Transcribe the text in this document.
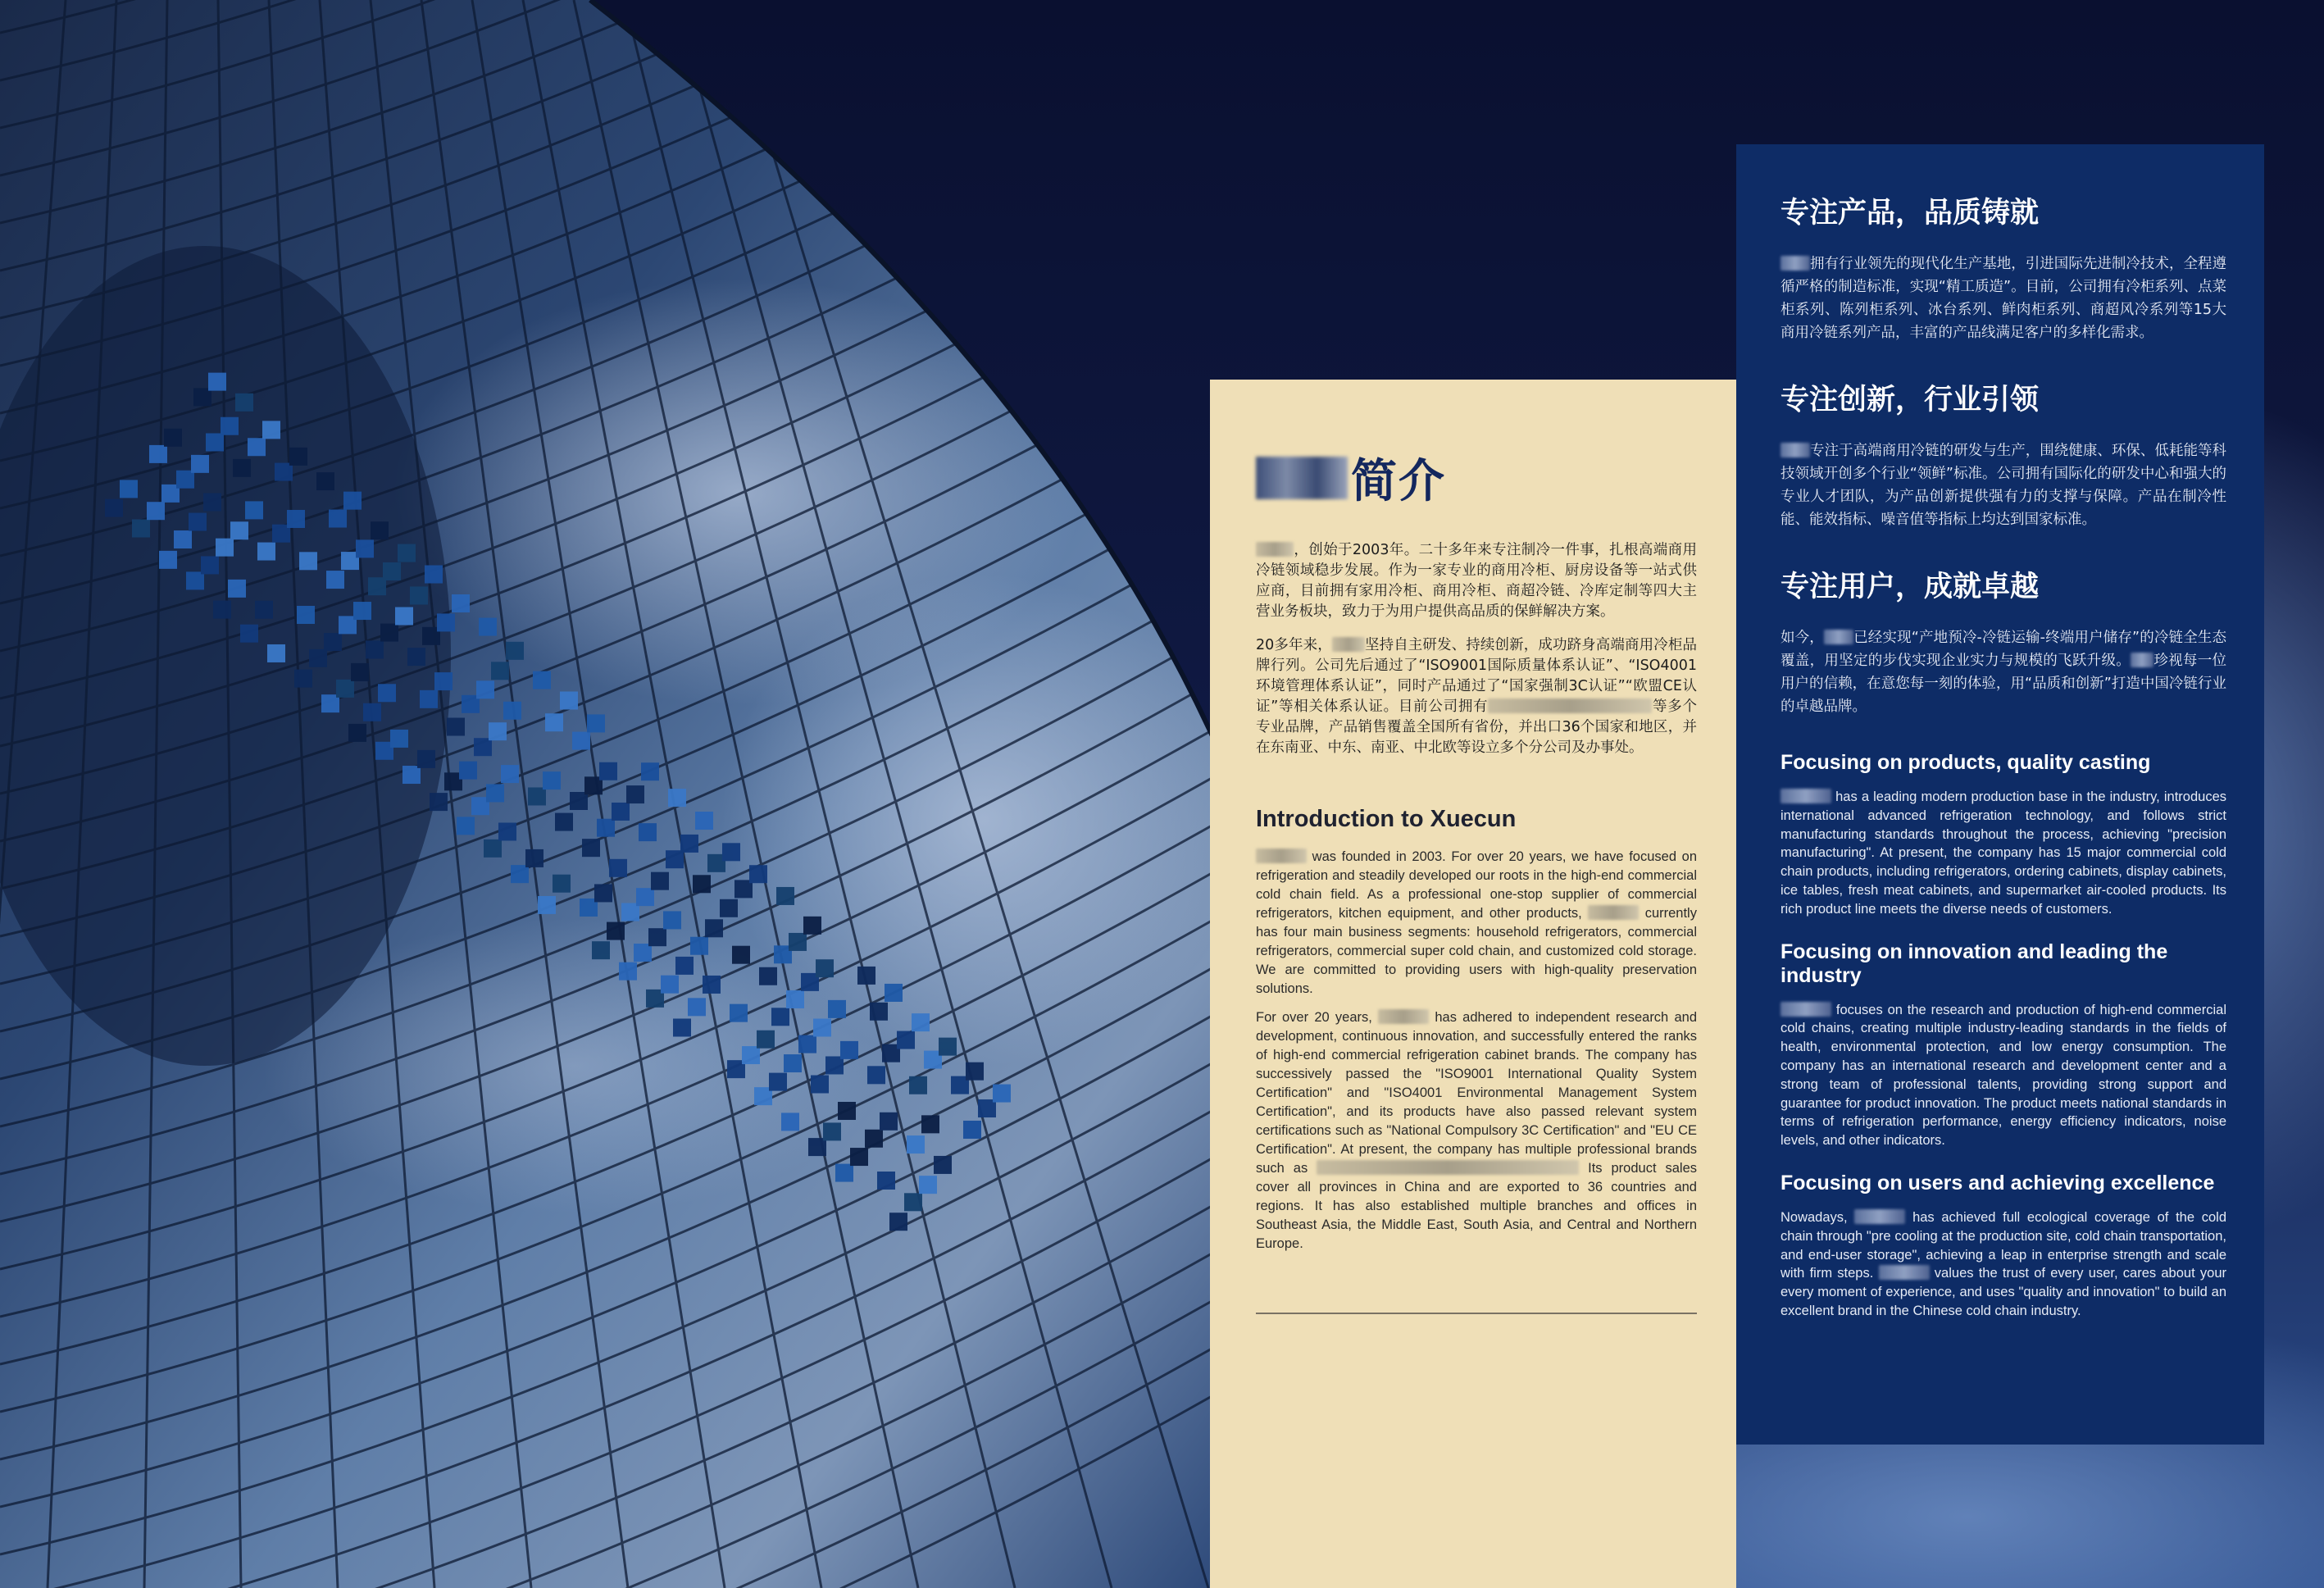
简介

，创始于2003年。二十多年来专注制冷一件事，扎根高端商用冷链领域稳步发展。作为一家专业的商用冷柜、厨房设备等一站式供应商，目前拥有家用冷柜、商用冷柜、商超冷链、冷库定制等四大主营业务板块，致力于为用户提供高品质的保鲜解决方案。

20多年来， 坚持自主研发、持续创新，成功跻身高端商用冷柜品牌行列。公司先后通过了“ISO9001国际质量体系认证”、“ISO4001环境管理体系认证”，同时产品通过了“国家强制3C认证”“欧盟CE认证”等相关体系认证。目前公司拥有	等多个专业品牌，产品销售覆盖全国所有省份，并出口36个国家和地区，并在东南亚、中东、南亚、中北欧等设立多个分公司及办事处。

Introduction to Xuecun

was founded in 2003. For over 20 years, we have focused on refrigeration and steadily developed our roots in the high-end commercial cold chain field. As a professional one-stop supplier of commercial refrigerators, kitchen equipment, and other products,	currently has four main business segments: household refrigerators, commercial refrigerators, commercial super cold chain, and customized cold storage. We are committed to providing users with high-quality preservation solutions.

For over 20 years,	has adhered to independent research and development, continuous innovation, and successfully entered the ranks of high-end commercial refrigeration cabinet brands. The company has successively passed the "ISO9001 International Quality System Certification" and "ISO4001 Environmental Management System Certification", and its products have also passed relevant system certifications such as "National Compulsory 3C Certification" and "EU CE Certification". At present, the company has multiple professional brands such as	Its product sales cover all provinces in China and are exported to 36 countries and regions. It has also established multiple branches and offices in Southeast Asia, the Middle East, South Asia, and Central and Northern Europe.

专注产品，品质铸就

拥有行业领先的现代化生产基地，引进国际先进制冷技术，全程遵循严格的制造标准，实现“精工质造”。目前，公司拥有冷柜系列、点菜柜系列、陈列柜系列、冰台系列、鲜肉柜系列、商超风冷系列等15大商用冷链系列产品，丰富的产品线满足客户的多样化需求。

专注创新，行业引领

专注于高端商用冷链的研发与生产，围绕健康、环保、低耗能等科技领域开创多个行业“领鲜”标准。公司拥有国际化的研发中心和强大的专业人才团队，为产品创新提供强有力的支撑与保障。产品在制冷性能、能效指标、噪音值等指标上均达到国家标准。

专注用户，成就卓越

如今， 已经实现“产地预冷-冷链运输-终端用户储存”的冷链全生态覆盖，用坚定的步伐实现企业实力与规模的飞跃升级。 珍视每一位用户的信赖，在意您每一刻的体验，用“品质和创新”打造中国冷链行业的卓越品牌。

Focusing on products, quality casting

has a leading modern production base in the industry, introduces international advanced refrigeration technology, and follows strict manufacturing standards throughout the process, achieving "precision manufacturing". At present, the company has 15 major commercial cold chain products, including refrigerators, ordering cabinets, display cabinets, ice tables, fresh meat cabinets, and supermarket air-cooled products. Its rich product line meets the diverse needs of customers.

Focusing on innovation and leading the industry

focuses on the research and production of high-end commercial cold chains, creating multiple industry-leading standards in the fields of health, environmental protection, and low energy consumption. The company has an international research and development center and a strong team of professional talents, providing strong support and guarantee for product innovation. The product meets national standards in terms of refrigeration performance, energy efficiency indicators, noise levels, and other indicators.

Focusing on users and achieving excellence

Nowadays,	has achieved full ecological coverage of the cold chain through "pre cooling at the production site, cold chain transportation, and end-user storage", achieving a leap in enterprise strength and scale with firm steps.	values the trust of every user, cares about your every moment of experience, and uses "quality and innovation" to build an excellent brand in the Chinese cold chain industry.
